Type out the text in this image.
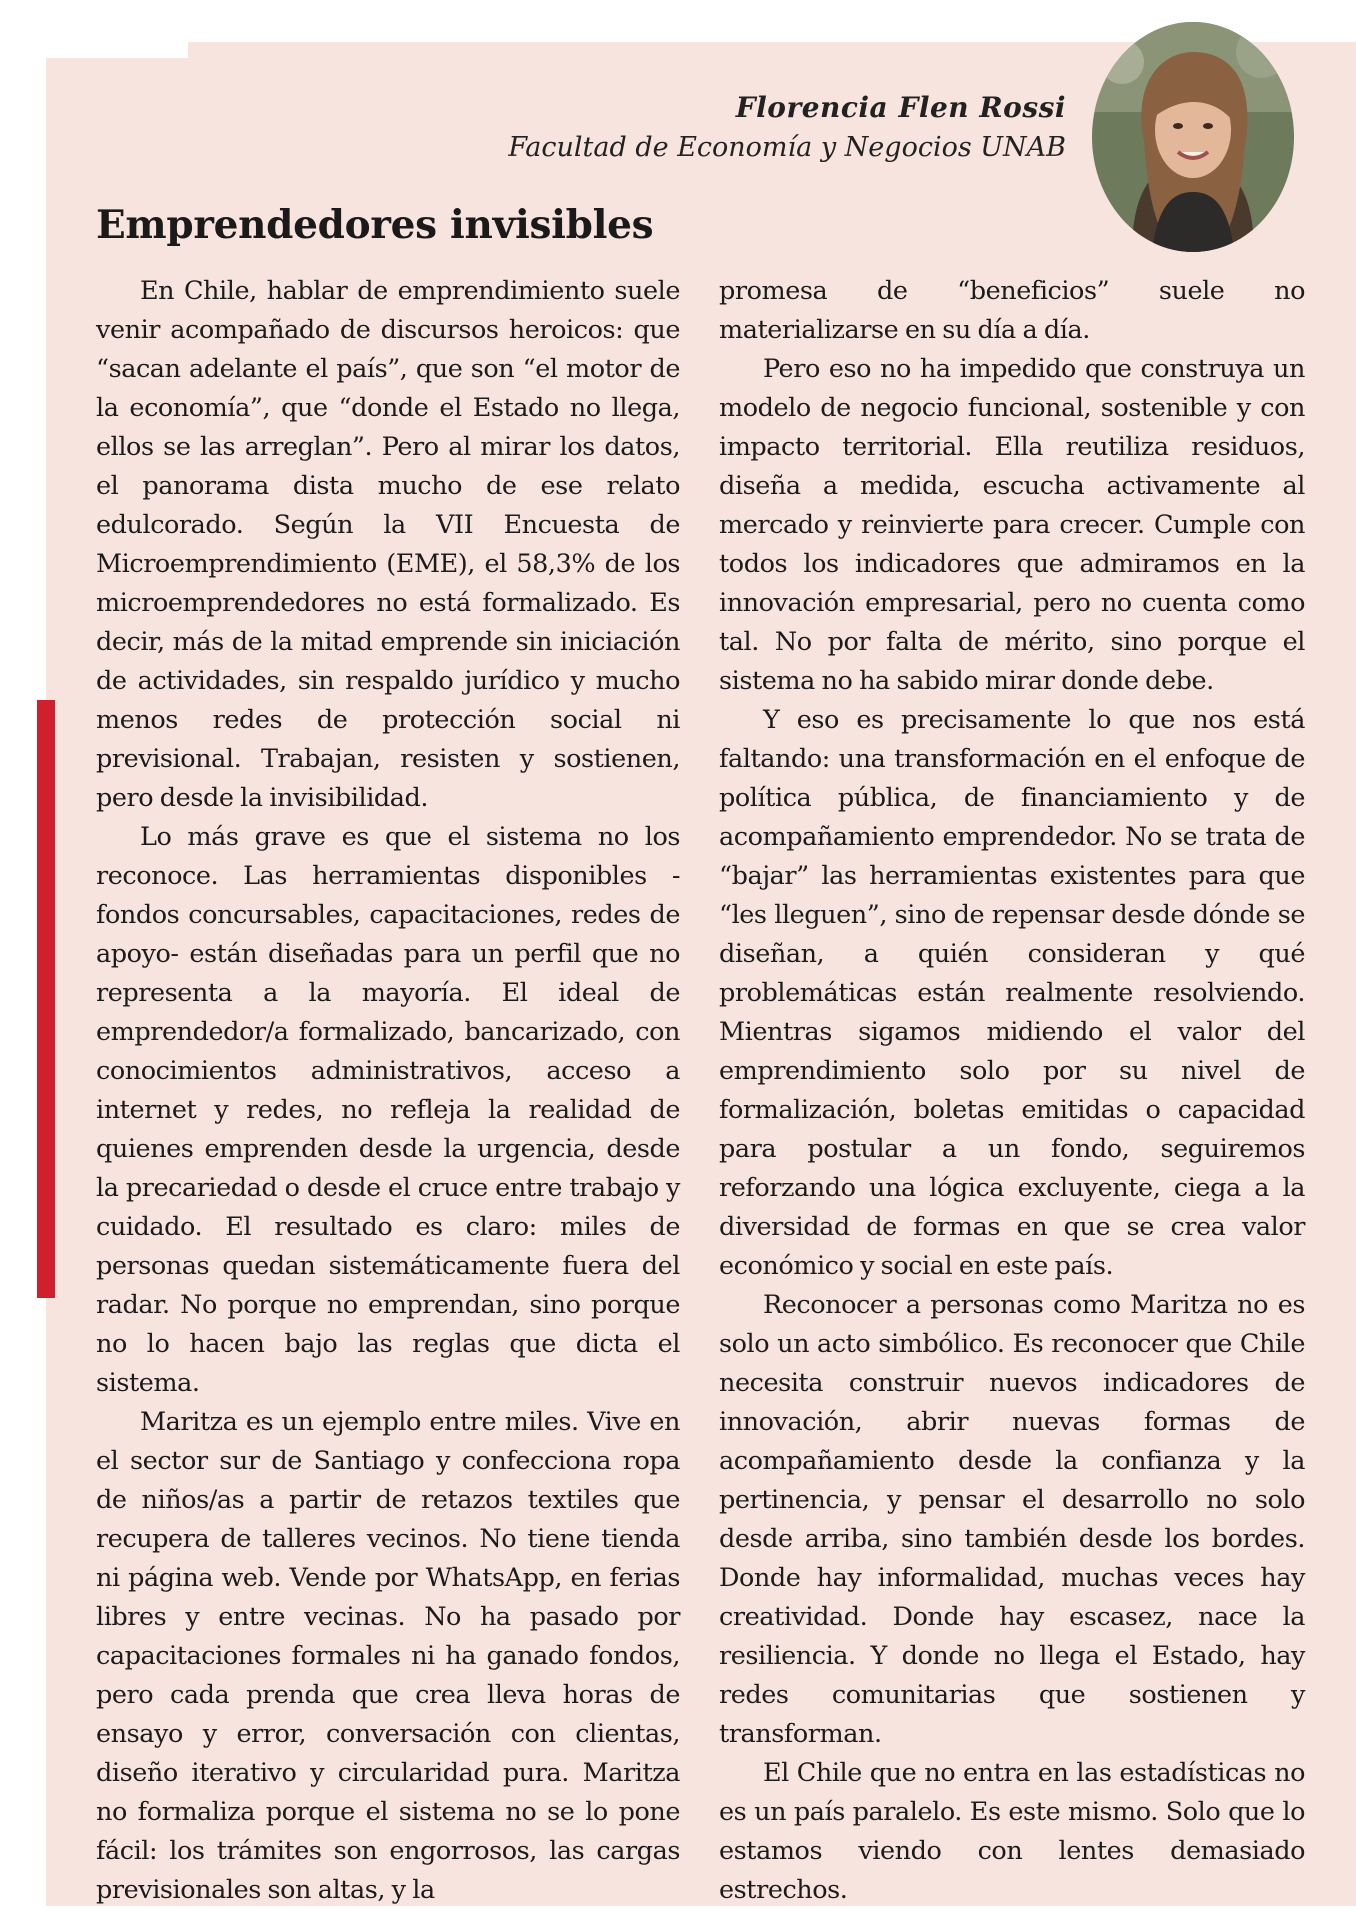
Florencia Flen Rossi
Facultad de Economía y Negocios UNAB
Emprendedores invisibles

En Chile, hablar de emprendimiento suele venir acompañado de discursos heroicos: que “sacan adelante el país”, que son “el motor de la economía”, que “donde el Estado no llega, ellos se las arreglan”. Pero al mirar los datos, el panorama dista mucho de ese relato edulcorado. Según la VII Encuesta de Microemprendimiento (EME), el 58,3% de los microemprendedores no está formalizado. Es decir, más de la mitad emprende sin iniciación de actividades, sin respaldo jurídico y mucho menos redes de protección social ni previsional. Trabajan, resisten y sostienen, pero desde la invisibilidad.

Lo más grave es que el sistema no los reconoce. Las herramientas disponibles -fondos concursables, capacitaciones, redes de apoyo- están diseñadas para un perfil que no representa a la mayoría. El ideal de emprendedor/a formalizado, bancarizado, con conocimientos administrativos, acceso a internet y redes, no refleja la realidad de quienes emprenden desde la urgencia, desde la precariedad o desde el cruce entre trabajo y cuidado. El resultado es claro: miles de personas quedan sistemáticamente fuera del radar. No porque no emprendan, sino porque no lo hacen bajo las reglas que dicta el sistema.

Maritza es un ejemplo entre miles. Vive en el sector sur de Santiago y confecciona ropa de niños/as a partir de retazos textiles que recupera de talleres vecinos. No tiene tienda ni página web. Vende por WhatsApp, en ferias libres y entre vecinas. No ha pasado por capacitaciones formales ni ha ganado fondos, pero cada prenda que crea lleva horas de ensayo y error, conversación con clientas, diseño iterativo y circularidad pura. Maritza no formaliza porque el sistema no se lo pone fácil: los trámites son engorrosos, las cargas previsionales son altas, y la

promesa de “beneficios” suele no materializarse en su día a día.

Pero eso no ha impedido que construya un modelo de negocio funcional, sostenible y con impacto territorial. Ella reutiliza residuos, diseña a medida, escucha activamente al mercado y reinvierte para crecer. Cumple con todos los indicadores que admiramos en la innovación empresarial, pero no cuenta como tal. No por falta de mérito, sino porque el sistema no ha sabido mirar donde debe.

Y eso es precisamente lo que nos está faltando: una transformación en el enfoque de política pública, de financiamiento y de acompañamiento emprendedor. No se trata de “bajar” las herramientas existentes para que “les lleguen”, sino de repensar desde dónde se diseñan, a quién consideran y qué problemáticas están realmente resolviendo. Mientras sigamos midiendo el valor del emprendimiento solo por su nivel de formalización, boletas emitidas o capacidad para postular a un fondo, seguiremos reforzando una lógica excluyente, ciega a la diversidad de formas en que se crea valor económico y social en este país.

Reconocer a personas como Maritza no es solo un acto simbólico. Es reconocer que Chile necesita construir nuevos indicadores de innovación, abrir nuevas formas de acompañamiento desde la confianza y la pertinencia, y pensar el desarrollo no solo desde arriba, sino también desde los bordes. Donde hay informalidad, muchas veces hay creatividad. Donde hay escasez, nace la resiliencia. Y donde no llega el Estado, hay redes comunitarias que sostienen y transforman.

El Chile que no entra en las estadísticas no es un país paralelo. Es este mismo. Solo que lo estamos viendo con lentes demasiado estrechos.
